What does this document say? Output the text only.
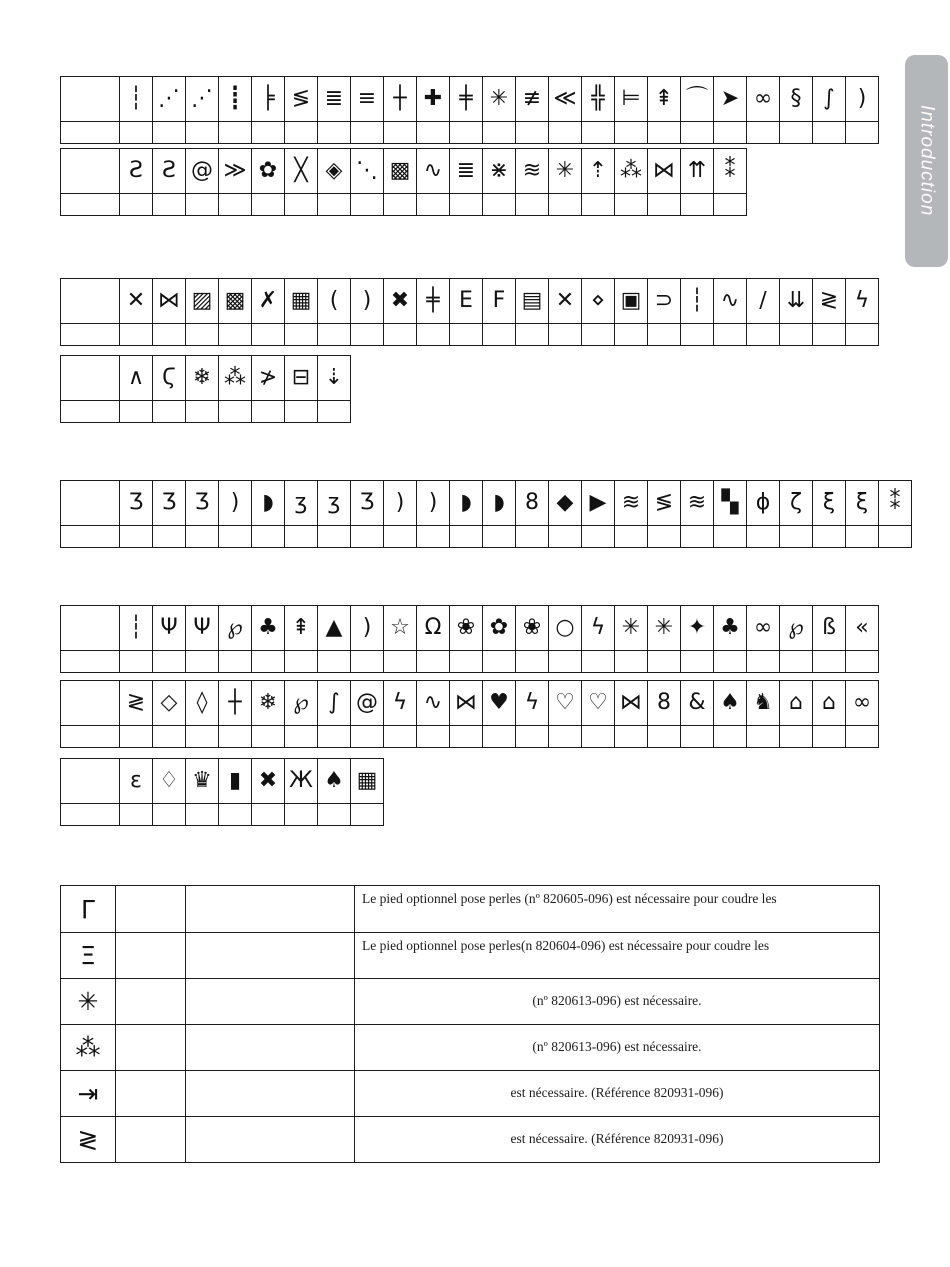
┆ ⋰ ⋰ ┋ ╞ ≶ ≣ ≡ ┼ ✚ ╪ ✳ ≢ ≪ ╬ ⊨ ⇞ ⌒ ➤ ∞ § ∫	)
Ƨ Ƨ @ ≫ ✿ ╳ ◈ ⋱ ▩ ∿ ≣ ⋇ ≋ ✳ ⇡ ⁂ ⋈ ⇈ ⁑
✕ ⋈ ▨ ▩ ✗ ▦ (	) ✖ ╪ E F ▤ ✕ ⋄ ▣ ⊃ ┆ ∿ ∕ ⇊ ≷ ϟ
∧ Ϛ ❄ ⁂ ≯ ⊟ ⇣
Ʒ Ʒ Ʒ )	◗ ʒ ʒ Ʒ )	)	◗ ◗ 8 ◆ ▶ ≋ ≶ ≋ ▚ ϕ ζ ξ ξ ⁑
┆ Ψ Ψ ℘ ♣ ⇞ ▲ ) ☆ Ω ❀ ✿ ❀ ○ ϟ ✳ ✳ ✦ ♣ ∞ ℘ ß «
≷ ◇ ◊ ┼ ❄ ℘ ∫ @ ϟ ∿ ⋈ ♥ ϟ ♡ ♡ ⋈ 8 & ♠ ♞ ⌂ ⌂ ∞
ε ♢ ♛ ▮ ✖ Ж ♠ ▦
Γ	Le pied optionnel pose perles (nº 820605-096) est nécessaire pour coudre les
Ξ	Le pied optionnel pose perles(n 820604-096) est nécessaire pour coudre les
✳	(nº 820613-096) est nécessaire.
⁂	(nº 820613-096) est nécessaire.
⇥	est nécessaire. (Référence 820931-096)
≷	est nécessaire. (Référence 820931-096)
Introduction
